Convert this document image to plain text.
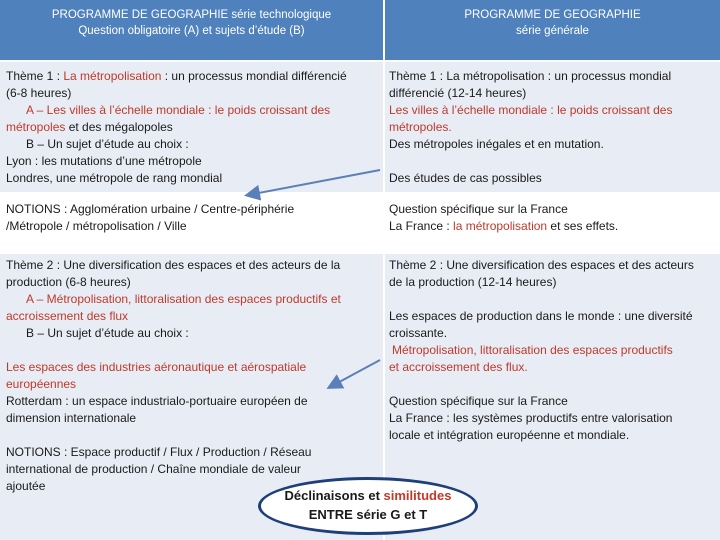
PROGRAMME DE GEOGRAPHIE série technologique
Question obligatoire (A) et sujets d’étude (B)
PROGRAMME DE GEOGRAPHIE
série générale

Thème 1 : La métropolisation : un processus mondial différencié

(6-8 heures)

A – Les villes à l’échelle mondiale : le poids croissant des

métropoles et des mégalopoles

B – Un sujet d’étude au choix :

Lyon : les mutations d’une métropole

Londres, une métropole de rang mondial

Thème 1 : La métropolisation : un processus mondial

différencié (12-14 heures)

Les villes à l’échelle mondiale : le poids croissant des

métropoles.

Des métropoles inégales et en mutation.

Des études de cas possibles

NOTIONS : Agglomération urbaine / Centre-périphérie

/Métropole / métropolisation / Ville

Question spécifique sur la France

La France : la métropolisation et ses effets.

Thème 2 : Une diversification des espaces et des acteurs de la

production (6-8 heures)

A – Métropolisation, littoralisation des espaces productifs et

accroissement des flux

B – Un sujet d’étude au choix :

Les espaces des industries aéronautique et aérospatiale

européennes

Rotterdam : un espace industrialo-portuaire européen de

dimension internationale

NOTIONS : Espace productif / Flux / Production / Réseau

international de production / Chaîne mondiale de valeur

ajoutée

Thème 2 : Une diversification des espaces et des acteurs

de la production (12-14 heures)

Les espaces de production dans le monde : une diversité

croissante.

Métropolisation, littoralisation des espaces productifs

et accroissement des flux.

Question spécifique sur la France

La France : les systèmes productifs entre valorisation

locale et intégration européenne et mondiale.

Déclinaisons et similitudes
ENTRE série G et T
